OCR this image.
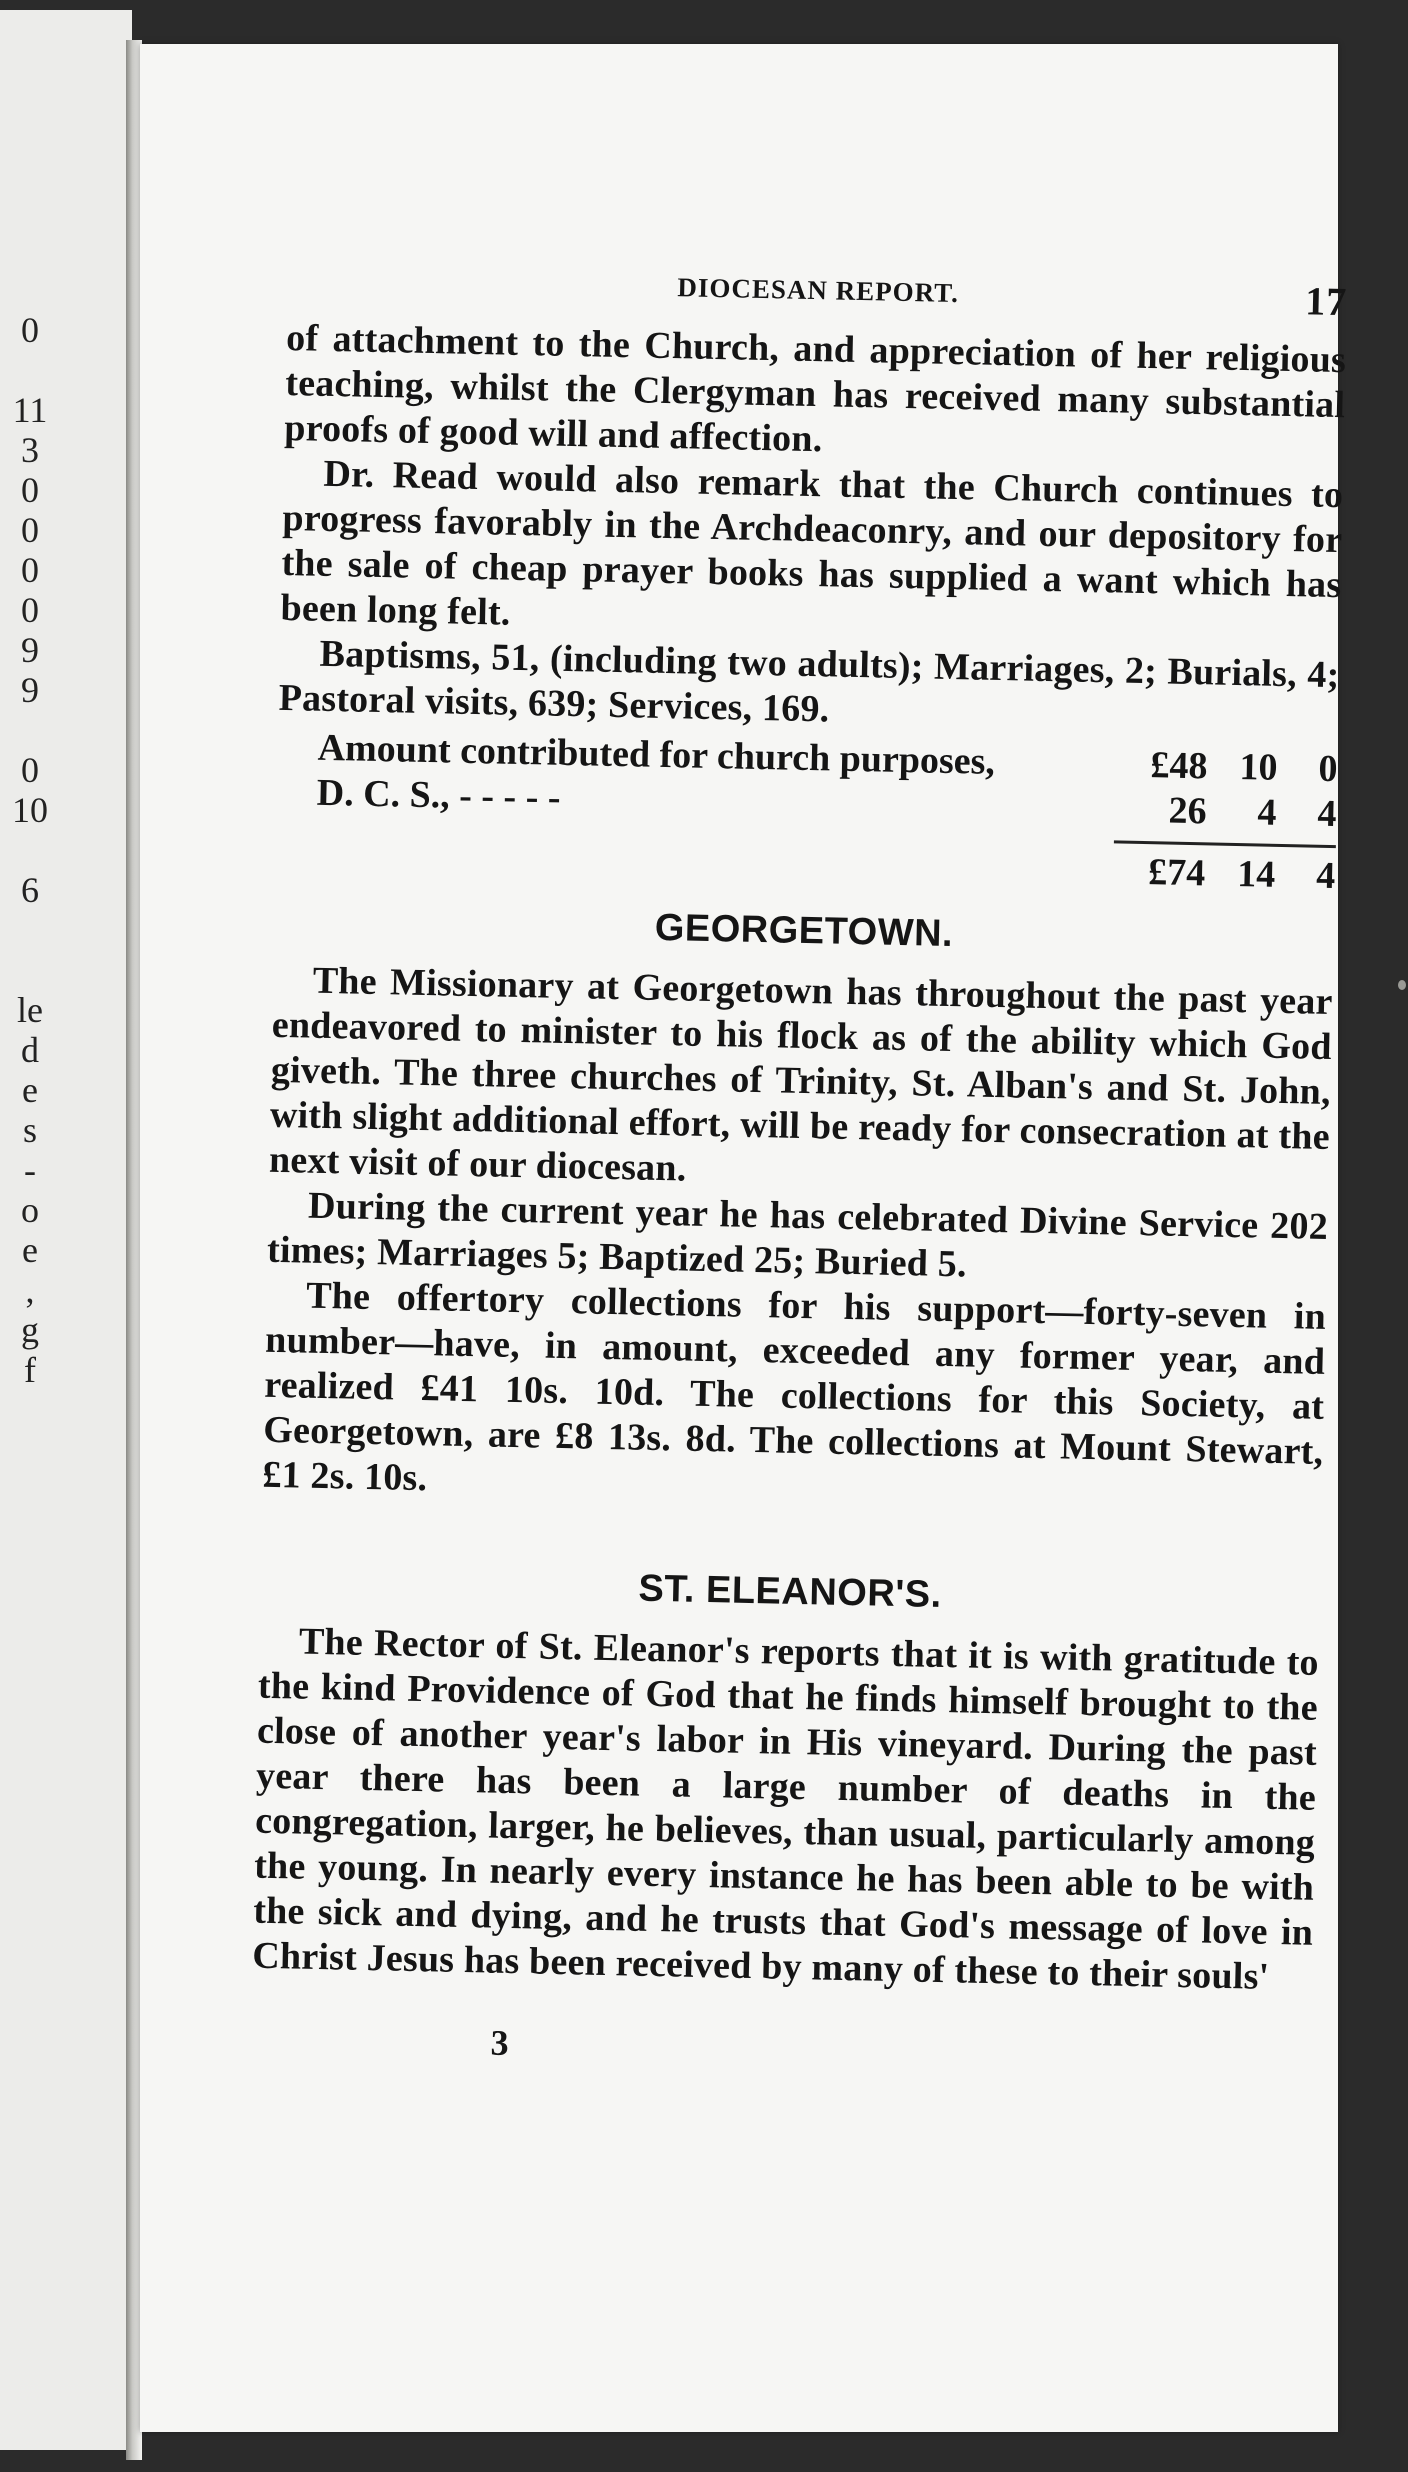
0
11
3
0
0
0
0
9
9
0
10
6
le
d
e
s
-
o
e
,
g
f
DIOCESAN REPORT.	17

of attachment to the Church, and appreciation of her religious teaching, whilst the Clergyman has received many substantial proofs of good will and affection.

Dr. Read would also remark that the Church continues to progress favorably in the Archdeaconry, and our depository for the sale of cheap prayer books has supplied a want which has been long felt.

Baptisms, 51, (including two adults); Marriages, 2; Burials, 4; Pastoral visits, 639; Services, 169.

Amount contributed for church purposes,	£48 10	0
D. C. S., - - - - -	26	4	4
£74 14	4
GEORGETOWN.

The Missionary at Georgetown has throughout the past year endeavored to minister to his flock as of the ability which God giveth. The three churches of Trinity, St. Alban's and St. John, with slight additional effort, will be ready for consecration at the next visit of our diocesan.

During the current year he has celebrated Divine Service 202 times; Marriages 5; Baptized 25; Buried 5.

The offertory collections for his support—forty-seven in number—have, in amount, exceeded any former year, and realized £41 10s. 10d. The collections for this Society, at Georgetown, are £8 13s. 8d. The collections at Mount Stewart, £1 2s. 10s.

ST. ELEANOR'S.

The Rector of St. Eleanor's reports that it is with gratitude to the kind Providence of God that he finds himself brought to the close of another year's labor in His vineyard. During the past year there has been a large number of deaths in the congregation, larger, he believes, than usual, particularly among the young. In nearly every instance he has been able to be with the sick and dying, and he trusts that God's message of love in Christ Jesus has been received by many of these to their souls'

3
